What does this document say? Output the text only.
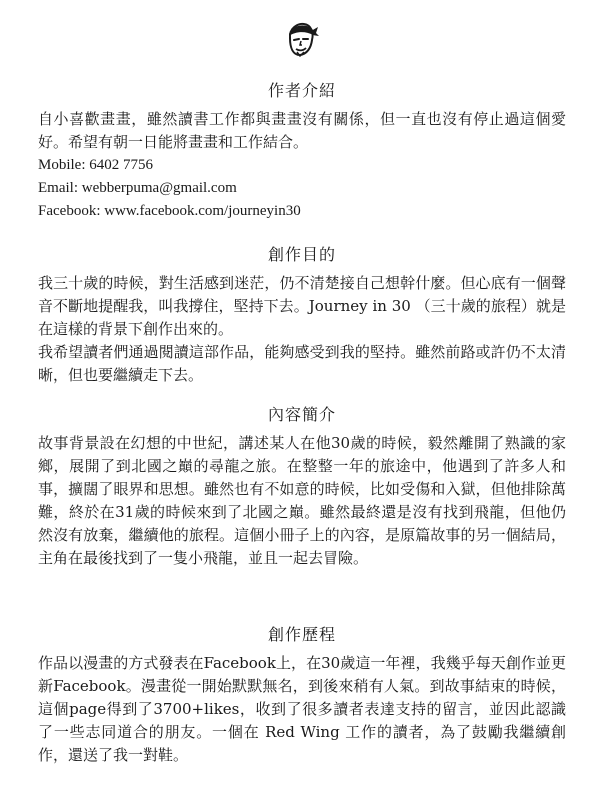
作者介紹

自小喜歡畫畫，雖然讀書工作都與畫畫沒有關係，但一直也沒有停止過這個愛好。希望有朝一日能將畫畫和工作結合。

Mobile: 6402 7756

Email: webberpuma@gmail.com

Facebook: www.facebook.com/journeyin30

創作目的

我三十歲的時候，對生活感到迷茫，仍不清楚接自己想幹什麼。但心底有一個聲音不斷地提醒我，叫我撐住，堅持下去。Journey in 30 （三十歲的旅程）就是在這樣的背景下創作出來的。

我希望讀者們通過閱讀這部作品，能夠感受到我的堅持。雖然前路或許仍不太清晰，但也要繼續走下去。

內容簡介

故事背景設在幻想的中世紀，講述某人在他30歲的時候，毅然離開了熟識的家鄉，展開了到北國之巔的尋龍之旅。在整整一年的旅途中，他遇到了許多人和事，擴闊了眼界和思想。雖然也有不如意的時候，比如受傷和入獄，但他排除萬難，終於在31歲的時候來到了北國之巔。雖然最終還是沒有找到飛龍，但他仍然沒有放棄，繼續他的旅程。這個小冊子上的內容，是原篇故事的另一個結局，主角在最後找到了一隻小飛龍，並且一起去冒險。

創作歷程

作品以漫畫的方式發表在Facebook上，在30歲這一年裡，我幾乎每天創作並更新Facebook。漫畫從一開始默默無名，到後來稍有人氣。到故事結束的時候，這個page得到了3700+likes，收到了很多讀者表達支持的留言，並因此認識了一些志同道合的朋友。一個在 Red Wing 工作的讀者，為了鼓勵我繼續創作，還送了我一對鞋。
